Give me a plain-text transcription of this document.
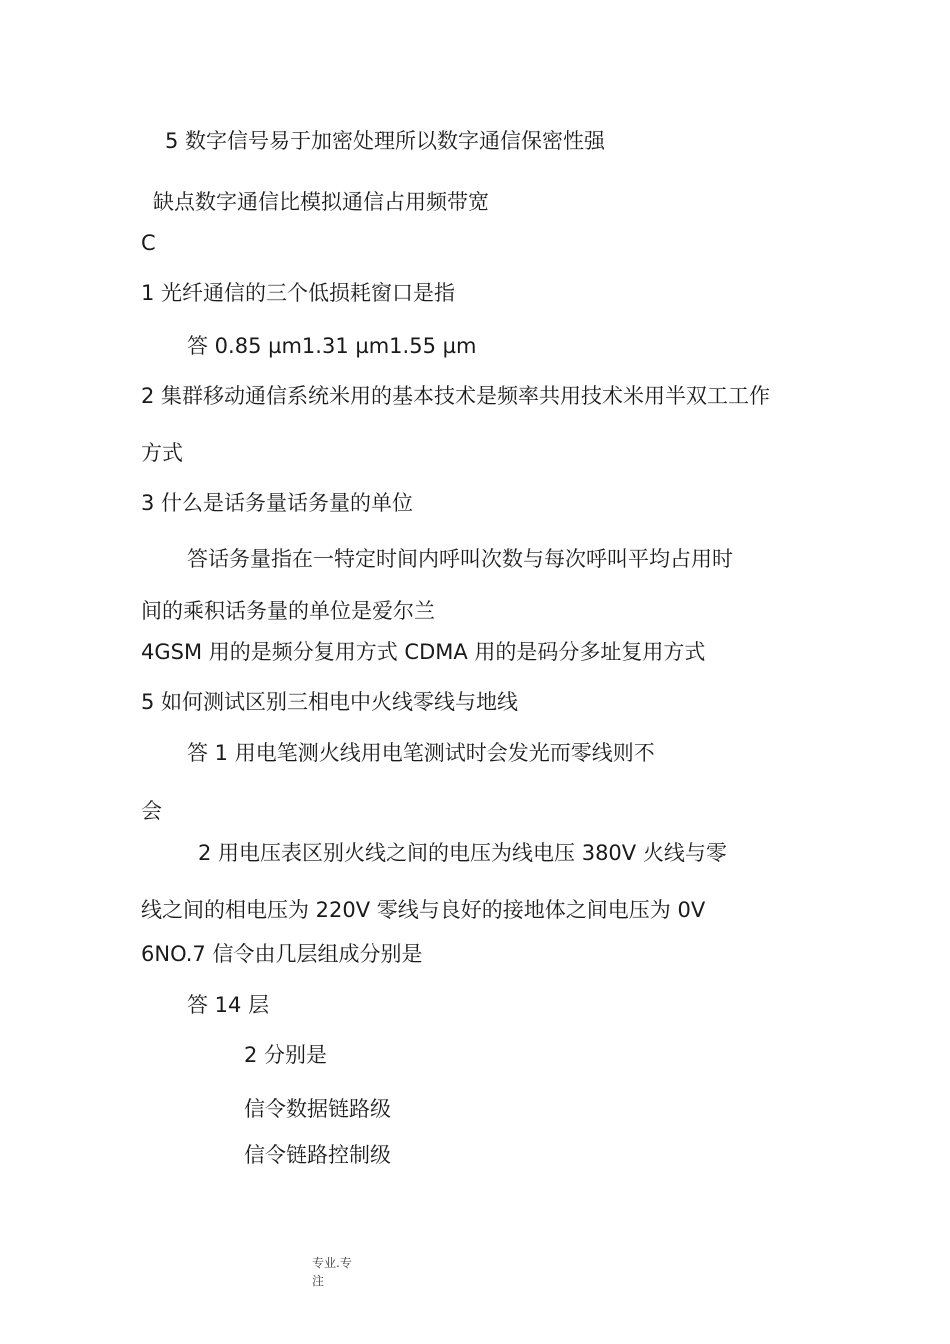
5 数字信号易于加密处理所以数字通信保密性强

缺点数字通信比模拟通信占用频带宽

C

1 光纤通信的三个低损耗窗口是指

答 0.85 µm1.31 µm1.55 µm

2 集群移动通信系统米用的基本技术是频率共用技术米用半双工工作

方式

3 什么是话务量话务量的单位

答话务量指在一特定时间内呼叫次数与每次呼叫平均占用时

间的乘积话务量的单位是爱尔兰

4GSM 用的是频分复用方式 CDMA 用的是码分多址复用方式

5 如何测试区别三相电中火线零线与地线

答 1 用电笔测火线用电笔测试时会发光而零线则不

会

2 用电压表区别火线之间的电压为线电压 380V 火线与零

线之间的相电压为 220V 零线与良好的接地体之间电压为 0V

6NO.7 信令由几层组成分别是

答 14 层

2 分别是

信令数据链路级

信令链路控制级

专业.专

注
